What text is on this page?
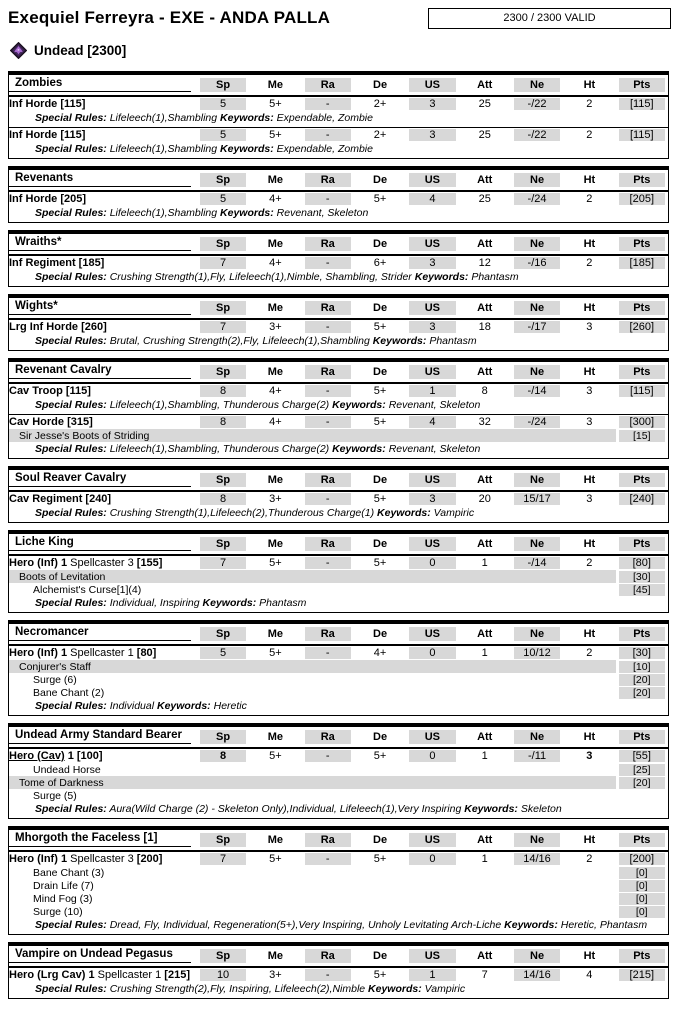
Exequiel Ferreyra - EXE - ANDA PALLA	2300 / 2300 VALID
Undead [2300]
Zombies	Sp	Me	Ra	De	US	Att	Ne	Ht	Pts

Inf Horde [115]	5	5+	-	2+	3	25	-/22	2	[115]

Special Rules: Lifeleech(1),Shambling Keywords: Expendable, Zombie									
Inf Horde [115]	5	5+	-	2+	3	25	-/22	2	[115]

Special Rules: Lifeleech(1),Shambling Keywords: Expendable, Zombie									
Revenants	Sp	Me	Ra	De	US	Att	Ne	Ht	Pts

Inf Horde [205]	5	4+	-	5+	4	25	-/24	2	[205]

Special Rules: Lifeleech(1),Shambling Keywords: Revenant, Skeleton									
Wraiths*	Sp	Me	Ra	De	US	Att	Ne	Ht	Pts

Inf Regiment [185]	7	4+	-	6+	3	12	-/16	2	[185]

Special Rules: Crushing Strength(1),Fly, Lifeleech(1),Nimble, Shambling, Strider Keywords: Phantasm									
Wights*	Sp	Me	Ra	De	US	Att	Ne	Ht	Pts

Lrg Inf Horde [260]	7	3+	-	5+	3	18	-/17	3	[260]

Special Rules: Brutal, Crushing Strength(2),Fly, Lifeleech(1),Shambling Keywords: Phantasm									
Revenant Cavalry	Sp	Me	Ra	De	US	Att	Ne	Ht	Pts

Cav Troop [115]	8	4+	-	5+	1	8	-/14	3	[115]

Special Rules: Lifeleech(1),Shambling, Thunderous Charge(2) Keywords: Revenant, Skeleton									
Cav Horde [315]	8	4+	-	5+	4	32	-/24	3	[300]

Sir Jesse's Boots of Striding									[15]

Special Rules: Lifeleech(1),Shambling, Thunderous Charge(2) Keywords: Revenant, Skeleton									
Soul Reaver Cavalry	Sp	Me	Ra	De	US	Att	Ne	Ht	Pts

Cav Regiment [240]	8	3+	-	5+	3	20	15/17	3	[240]

Special Rules: Crushing Strength(1),Lifeleech(2),Thunderous Charge(1) Keywords: Vampiric									
Liche King	Sp	Me	Ra	De	US	Att	Ne	Ht	Pts

Hero (Inf) 1 Spellcaster 3 [155]	7	5+	-	5+	0	1	-/14	2	[80]

Boots of Levitation									[30]

Alchemist's Curse[1](4)									[45]

Special Rules: Individual, Inspiring Keywords: Phantasm									
Necromancer	Sp	Me	Ra	De	US	Att	Ne	Ht	Pts

Hero (Inf) 1 Spellcaster 1 [80]	5	5+	-	4+	0	1	10/12	2	[30]

Conjurer's Staff									[10]

Surge (6)									[20]

Bane Chant (2)									[20]

Special Rules: Individual Keywords: Heretic									
Undead Army Standard Bearer	Sp	Me	Ra	De	US	Att	Ne	Ht	Pts

Hero (Cav) 1 [100]	8	5+	-	5+	0	1	-/11	3	[55]

Undead Horse									[25]

Tome of Darkness									[20]

Surge (5)									

Special Rules: Aura(Wild Charge (2) - Skeleton Only),Individual, Lifeleech(1),Very Inspiring Keywords: Skeleton									
Mhorgoth the Faceless [1]	Sp	Me	Ra	De	US	Att	Ne	Ht	Pts

Hero (Inf) 1 Spellcaster 3 [200]	7	5+	-	5+	0	1	14/16	2	[200]

Bane Chant (3)									[0]

Drain Life (7)									[0]

Mind Fog (3)									[0]

Surge (10)									[0]

Special Rules: Dread, Fly, Individual, Regeneration(5+),Very Inspiring, Unholy Levitating Arch-Liche Keywords: Heretic, Phantasm									
Vampire on Undead Pegasus	Sp	Me	Ra	De	US	Att	Ne	Ht	Pts

Hero (Lrg Cav) 1 Spellcaster 1 [215]	10	3+	-	5+	1	7	14/16	4	[215]

Special Rules: Crushing Strength(2),Fly, Inspiring, Lifeleech(2),Nimble Keywords: Vampiric									
